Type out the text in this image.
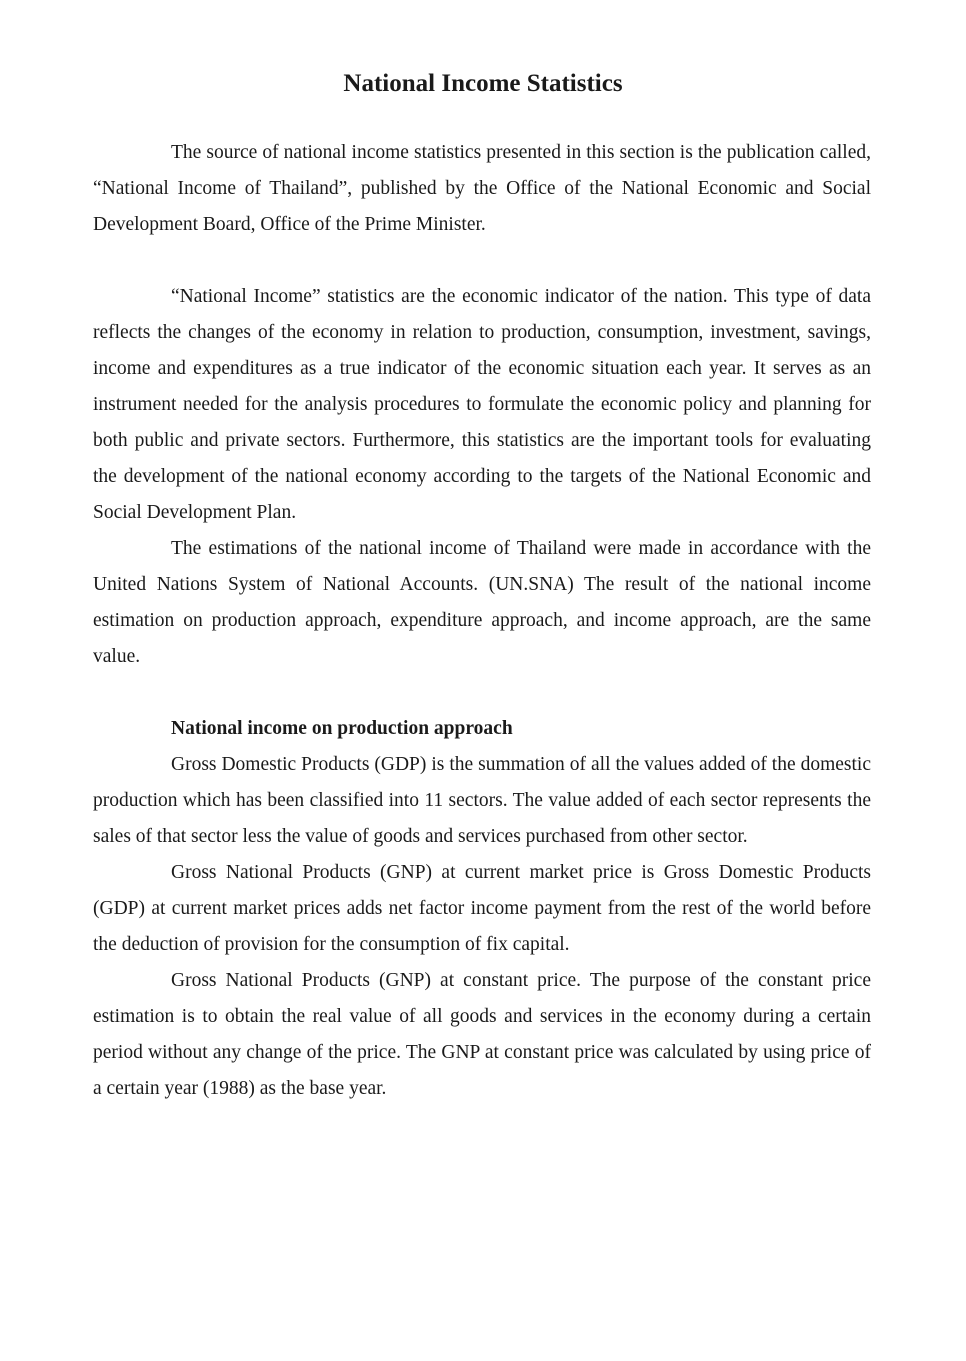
National Income Statistics

The source of national income statistics presented in this section is the publication called, “National Income of Thailand”, published by the Office of the National Economic and Social Development Board, Office of the Prime Minister.

“National Income” statistics are the economic indicator of the nation. This type of data reflects the changes of the economy in relation to production, consumption, investment, savings, income and expenditures as a true indicator of the economic situation each year. It serves as an instrument needed for the analysis procedures to formulate the economic policy and planning for both public and private sectors. Furthermore, this statistics are the important tools for evaluating the development of the national economy according to the targets of the National Economic and Social Development Plan.

The estimations of the national income of Thailand were made in accordance with the United Nations System of National Accounts. (UN.SNA) The result of the national income estimation on production approach, expenditure approach, and income approach, are the same value.

National income on production approach

Gross Domestic Products (GDP) is the summation of all the values added of the domestic production which has been classified into 11 sectors. The value added of each sector represents the sales of that sector less the value of goods and services purchased from other sector.

Gross National Products (GNP) at current market price is Gross Domestic Products (GDP) at current market prices adds net factor income payment from the rest of the world before the deduction of provision for the consumption of fix capital.

Gross National Products (GNP) at constant price. The purpose of the constant price estimation is to obtain the real value of all goods and services in the economy during a certain period without any change of the price. The GNP at constant price was calculated by using price of a certain year (1988) as the base year.
